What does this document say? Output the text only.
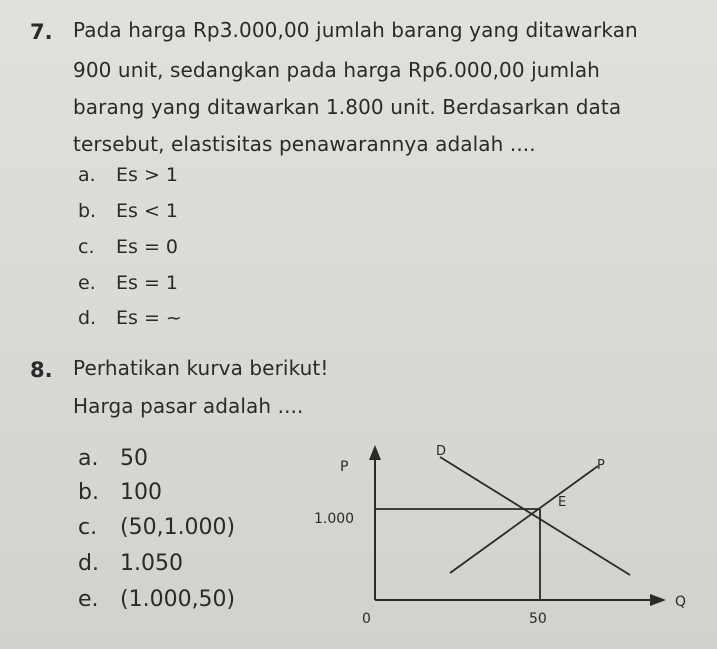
7. Pada harga Rp3.000,00 jumlah barang yang ditawarkan
900 unit, sedangkan pada harga Rp6.000,00 jumlah
barang yang ditawarkan 1.800 unit. Berdasarkan data
tersebut, elastisitas penawarannya adalah ....
a. Es > 1
b. Es < 1
c. Es = 0
e. Es = 1
d. Es = ~
8. Perhatikan kurva berikut!
Harga pasar adalah ....
a. 50
b. 100
c. (50,1.000)
d. 1.050
e. (1.000,50)
P
D
P
E
1.000
0	50
Q
